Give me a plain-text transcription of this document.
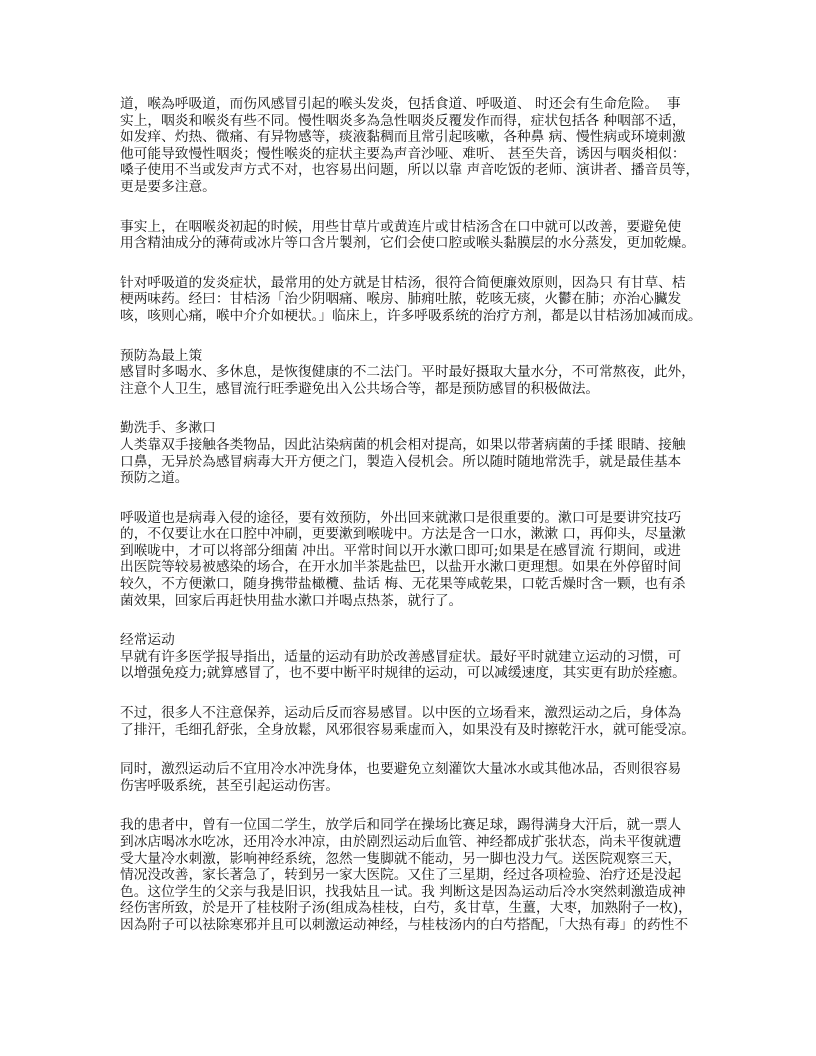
道，喉為呼吸道，而伤风感冒引起的喉头发炎，包括食道、呼吸道、 时还会有生命危险。  事
实上，咽炎和喉炎有些不同。慢性咽炎多為急性咽炎反覆发作而得，症状包括各 种咽部不适，
如发痒、灼热、微痛、有异物感等，痰液黏稠而且常引起咳嗽，各种鼻 病、慢性病或环境刺激
他可能导致慢性咽炎；慢性喉炎的症状主要為声音沙哑、难听、 甚至失音，诱因与咽炎相似：
嗓子使用不当或发声方式不对，也容易出问题，所以以靠 声音吃饭的老师、演讲者、播音员等，
更是要多注意。
事实上，在咽喉炎初起的时候，用些甘草片或黄连片或甘桔汤含在口中就可以改善，要避免使
用含精油成分的薄荷或冰片等口含片製剂，它们会使口腔或喉头黏膜层的水分蒸发，更加乾燥。
针对呼吸道的发炎症状，最常用的处方就是甘桔汤，很符合简便廉效原则，因為只 有甘草、桔
梗两味药。经曰：甘桔汤「治少阴咽痛、喉房、肺痈吐脓，乾咳无痰，火鬱在肺；亦治心臟发
咳，咳则心痛，喉中介介如梗状。」临床上，许多呼吸系统的治疗方剂，都是以甘桔汤加减而成。
预防為最上策
感冒时多喝水、多休息，是恢復健康的不二法门。平时最好摄取大量水分，不可常熬夜，此外，
注意个人卫生，感冒流行旺季避免出入公共场合等，都是预防感冒的积极做法。
勤洗手、多漱口
人类靠双手接触各类物品，因此沾染病菌的机会相对提高，如果以带著病菌的手揉 眼睛、接触
口鼻，无异於為感冒病毒大开方便之门，製造入侵机会。所以随时随地常洗手，就是最佳基本
预防之道。
呼吸道也是病毒入侵的途径，要有效预防，外出回来就漱口是很重要的。漱口可是要讲究技巧
的，不仅要让水在口腔中冲刷，更要漱到喉咙中。方法是含一口水，漱漱 口，再仰头，尽量漱
到喉咙中，才可以将部分细菌 冲出。平常时间以开水漱口即可;如果是在感冒流 行期间，或进
出医院等较易被感染的场合，在开水加半茶匙盐巴，以盐开水漱口更理想。如果在外停留时间
较久，不方便漱口，随身携带盐橄欖、盐话 梅、无花果等咸乾果，口乾舌燥时含一颗，也有杀
菌效果，回家后再赶快用盐水漱口并喝点热茶，就行了。
经常运动
早就有许多医学报导指出，适量的运动有助於改善感冒症状。最好平时就建立运动的习惯，可
以增强免疫力;就算感冒了，也不要中断平时规律的运动，可以减缓速度，其实更有助於痊癒。
不过，很多人不注意保养，运动后反而容易感冒。以中医的立场看来，激烈运动之后，身体為
了排汗，毛细孔舒张，全身放鬆，风邪很容易乘虚而入，如果没有及时擦乾汗水，就可能受凉。
同时，激烈运动后不宜用冷水冲洗身体，也要避免立刻灌饮大量冰水或其他冰品，否则很容易
伤害呼吸系统，甚至引起运动伤害。
我的患者中，曾有一位国二学生，放学后和同学在操场比赛足球，踢得满身大汗后，就一票人
到冰店喝冰水吃冰，还用冷水冲凉，由於剧烈运动后血管、神经都成扩张状态，尚未平復就遭
受大量冷水刺激，影响神经系统，忽然一隻脚就不能动，另一脚也没力气。送医院观察三天，
情况没改善，家长著急了，转到另一家大医院。又住了三星期，经过各项检验、治疗还是没起
色。这位学生的父亲与我是旧识，找我姑且一试。我 判断这是因為运动后冷水突然刺激造成神
经伤害所致，於是开了桂枝附子汤(组成為桂枝，白芍，炙甘草，生薑，大枣，加熟附子一枚)，
因為附子可以祛除寒邪并且可以刺激运动神经，与桂枝汤内的白芍搭配，「大热有毒」的药性不
